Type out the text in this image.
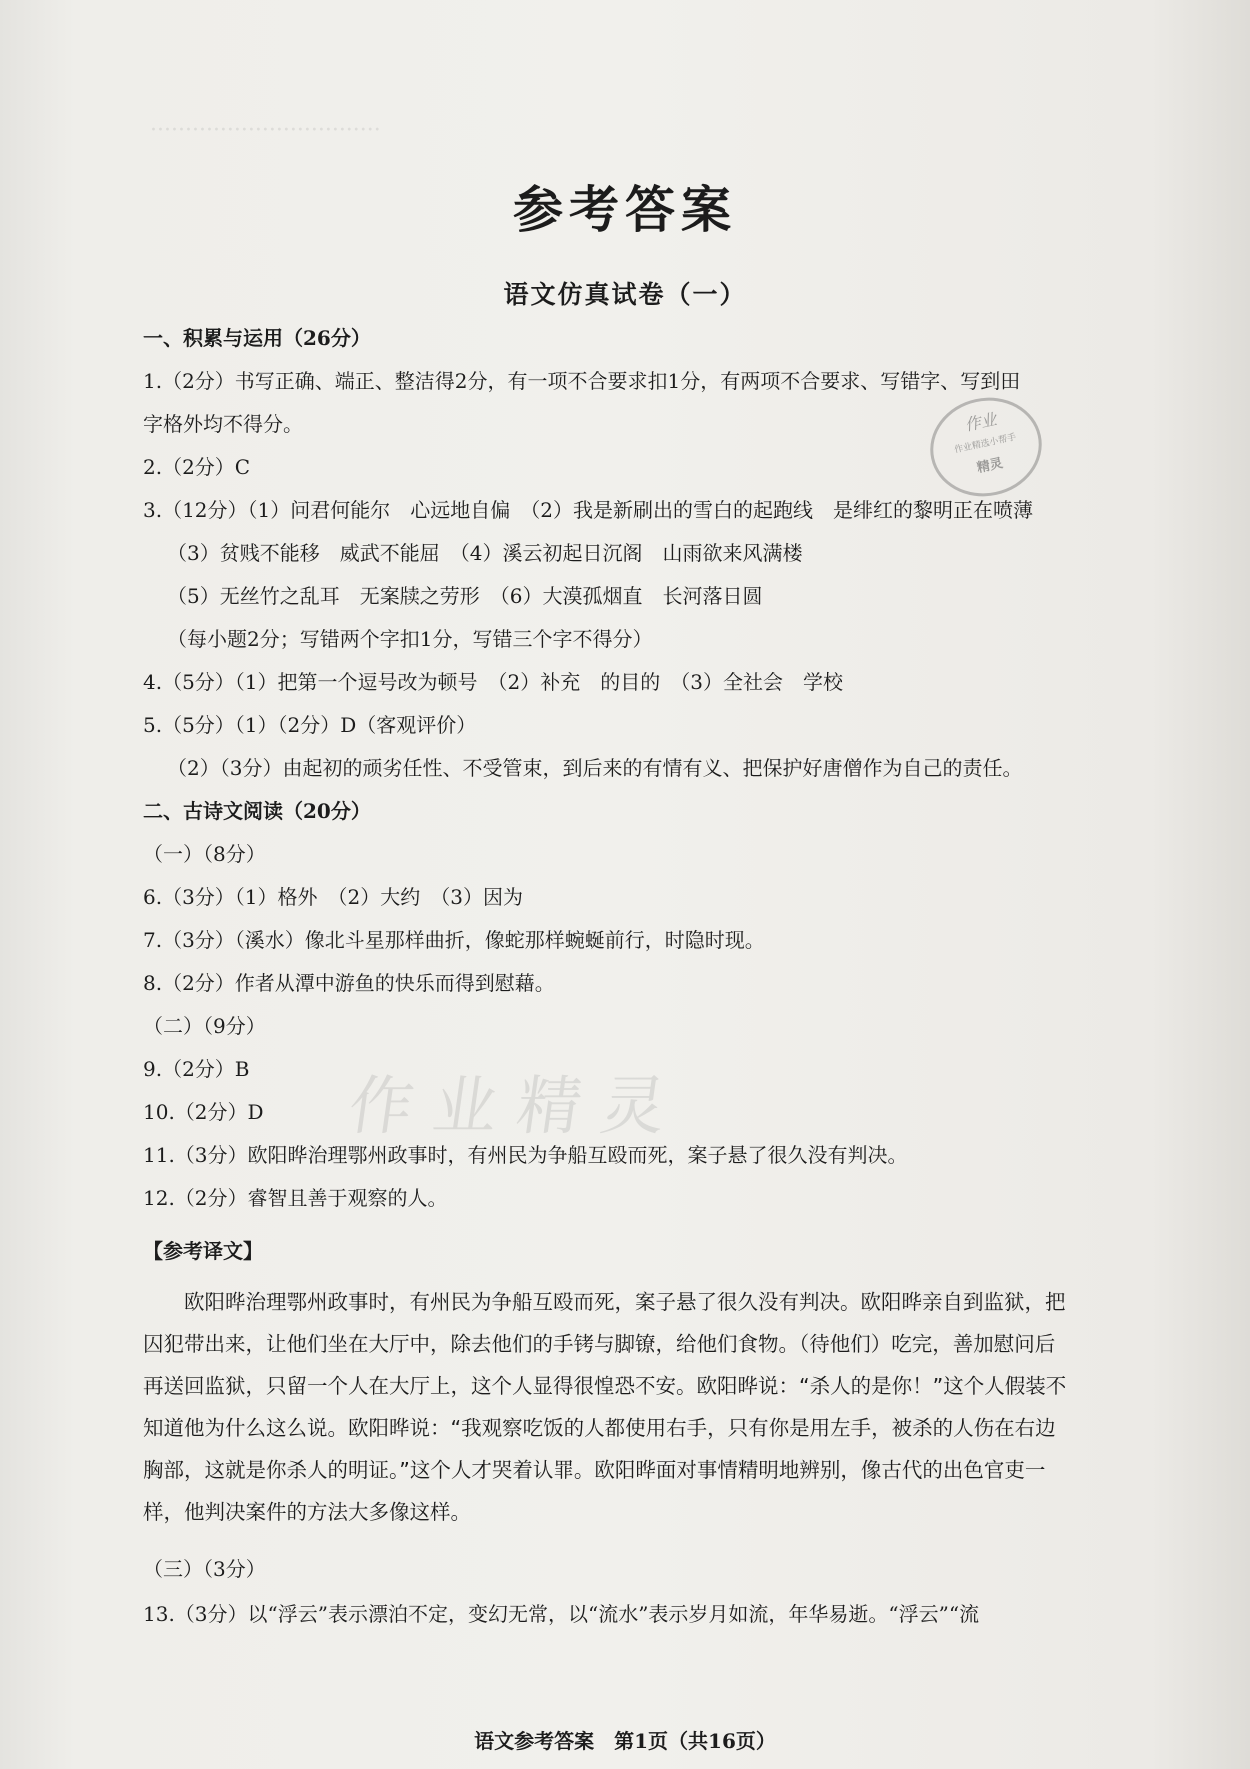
·································
参考答案
语文仿真试卷（一）
一、积累与运用（26分）
1.（2分）书写正确、端正、整洁得2分，有一项不合要求扣1分，有两项不合要求、写错字、写到田
字格外均不得分。
2.（2分）C
3.（12分）（1）问君何能尔　心远地自偏　（2）我是新刷出的雪白的起跑线　是绯红的黎明正在喷薄
（3）贫贱不能移　威武不能屈　（4）溪云初起日沉阁　山雨欲来风满楼
（5）无丝竹之乱耳　无案牍之劳形　（6）大漠孤烟直　长河落日圆
（每小题2分；写错两个字扣1分，写错三个字不得分）
4.（5分）（1）把第一个逗号改为顿号　（2）补充　的目的　（3）全社会　学校
5.（5分）（1）（2分）D（客观评价）
（2）（3分）由起初的顽劣任性、不受管束，到后来的有情有义、把保护好唐僧作为自己的责任。
二、古诗文阅读（20分）
（一）（8分）
6.（3分）（1）格外　（2）大约　（3）因为
7.（3分）（溪水）像北斗星那样曲折，像蛇那样蜿蜒前行，时隐时现。
8.（2分）作者从潭中游鱼的快乐而得到慰藉。
（二）（9分）
9.（2分）B
10.（2分）D
11.（3分）欧阳晔治理鄂州政事时，有州民为争船互殴而死，案子悬了很久没有判决。
12.（2分）睿智且善于观察的人。
【参考译文】
　　欧阳晔治理鄂州政事时，有州民为争船互殴而死，案子悬了很久没有判决。欧阳晔亲自到监狱，把
囚犯带出来，让他们坐在大厅中，除去他们的手铐与脚镣，给他们食物。（待他们）吃完，善加慰问后
再送回监狱，只留一个人在大厅上，这个人显得很惶恐不安。欧阳晔说：“杀人的是你！”这个人假装不
知道他为什么这么说。欧阳晔说：“我观察吃饭的人都使用右手，只有你是用左手，被杀的人伤在右边
胸部，这就是你杀人的明证。”这个人才哭着认罪。欧阳晔面对事情精明地辨别，像古代的出色官吏一
样，他判决案件的方法大多像这样。
（三）（3分）
13.（3分）以“浮云”表示漂泊不定，变幻无常，以“流水”表示岁月如流，年华易逝。“浮云”“流
作业
作业精选小帮手
精灵
作业精灵
语文参考答案　第1页（共16页）
